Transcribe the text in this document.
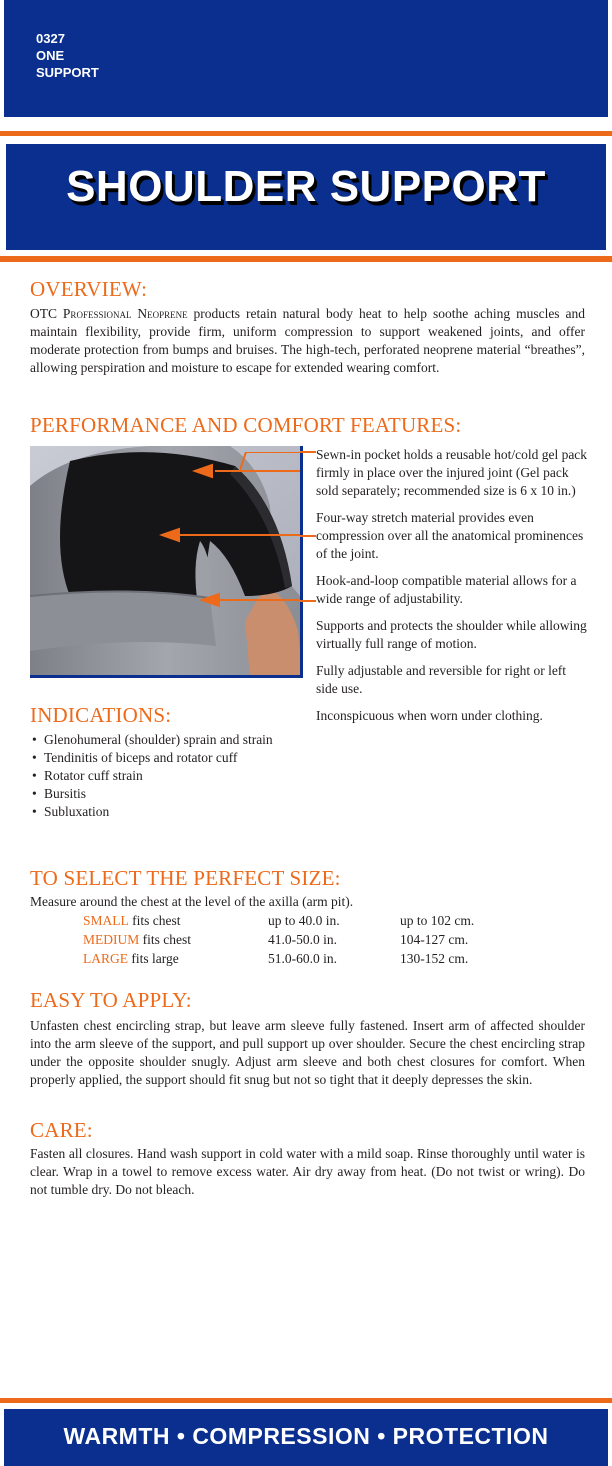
0327
ONE
SUPPORT
SHOULDER SUPPORT
OVERVIEW:
OTC Professional Neoprene products retain natural body heat to help soothe aching muscles and maintain flexibility, provide firm, uniform compression to support weakened joints, and offer moderate protection from bumps and bruises. The high-tech, perforated neoprene material “breathes”, allowing perspiration and moisture to escape for extended wearing comfort.
PERFORMANCE AND COMFORT FEATURES:
Sewn-in pocket holds a reusable hot/cold gel pack firmly in place over the injured joint (Gel pack sold separately; recommended size is 6 x 10 in.)
Four-way stretch material provides even compression over all the anatomical prominences of the joint.
Hook-and-loop compatible material allows for a wide range of adjustability.
Supports and protects the shoulder while allowing virtually full range of motion.
Fully adjustable and reversible for right or left side use.
Inconspicuous when worn under clothing.
INDICATIONS:
• Glenohumeral (shoulder) sprain and strain
• Tendinitis of biceps and rotator cuff
• Rotator cuff strain
• Bursitis
• Subluxation
TO SELECT THE PERFECT SIZE:
Measure around the chest at the level of the axilla (arm pit).
SMALL fits chest	up to 40.0 in.	up to 102 cm.
MEDIUM fits chest	41.0-50.0 in.	104-127 cm.
LARGE fits large	51.0-60.0 in.	130-152 cm.
EASY TO APPLY:
Unfasten chest encircling strap, but leave arm sleeve fully fastened. Insert arm of affected shoulder into the arm sleeve of the support, and pull support up over shoulder. Secure the chest encircling strap under the opposite shoulder snugly. Adjust arm sleeve and both chest closures for comfort. When properly applied, the support should fit snug but not so tight that it deeply depresses the skin.
CARE:
Fasten all closures. Hand wash support in cold water with a mild soap. Rinse thoroughly until water is clear. Wrap in a towel to remove excess water. Air dry away from heat. (Do not twist or wring). Do not tumble dry. Do not bleach.
WARMTH • COMPRESSION • PROTECTION
